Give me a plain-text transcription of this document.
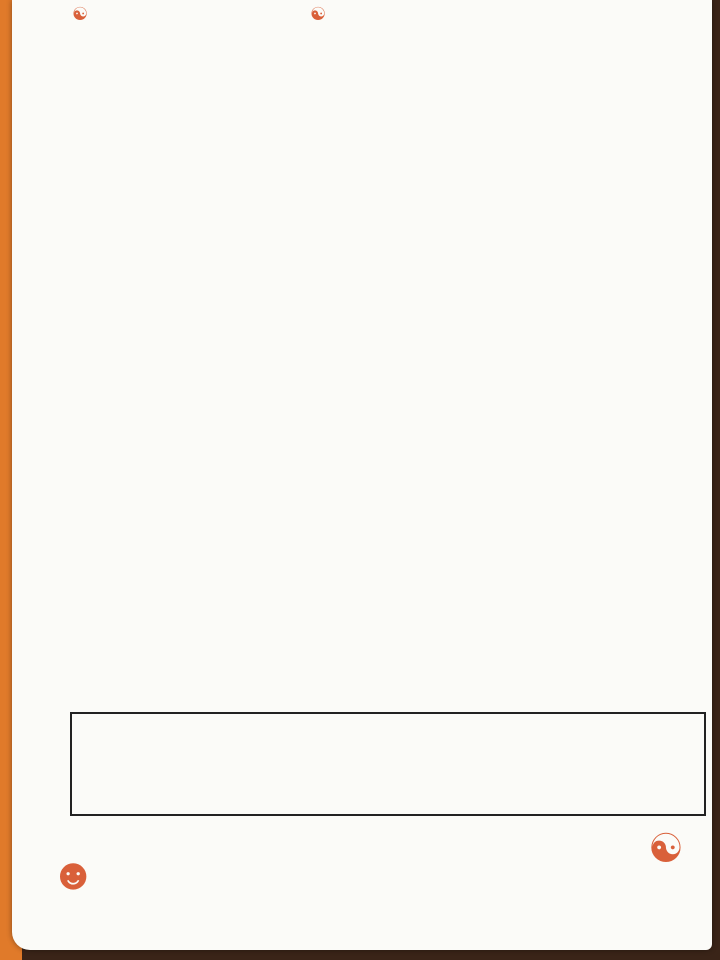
☯	☯
☻
☯
